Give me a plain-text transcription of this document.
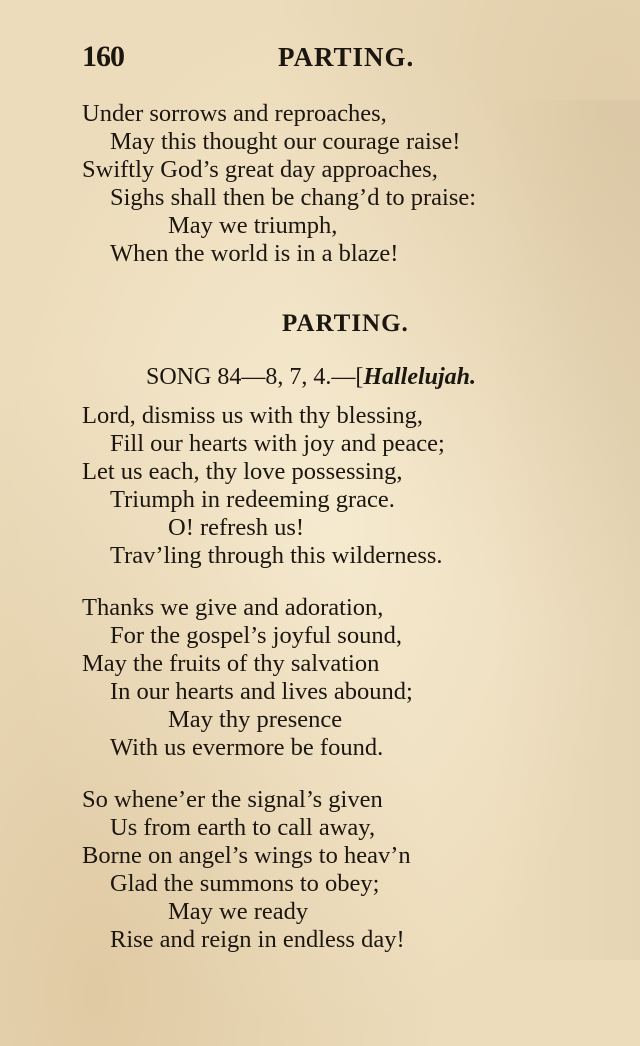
160	PARTING.
Under sorrows and reproaches,
May this thought our courage raise!
Swiftly God’s great day approaches,
Sighs shall then be chang’d to praise:
May we triumph,
When the world is in a blaze!
PARTING.
SONG 84—8, 7, 4.—[Hallelujah.
Lord, dismiss us with thy blessing,
Fill our hearts with joy and peace;
Let us each, thy love possessing,
Triumph in redeeming grace.
O! refresh us!
Trav’ling through this wilderness.
Thanks we give and adoration,
For the gospel’s joyful sound,
May the fruits of thy salvation
In our hearts and lives abound;
May thy presence
With us evermore be found.
So whene’er the signal’s given
Us from earth to call away,
Borne on angel’s wings to heav’n
Glad the summons to obey;
May we ready
Rise and reign in endless day!
